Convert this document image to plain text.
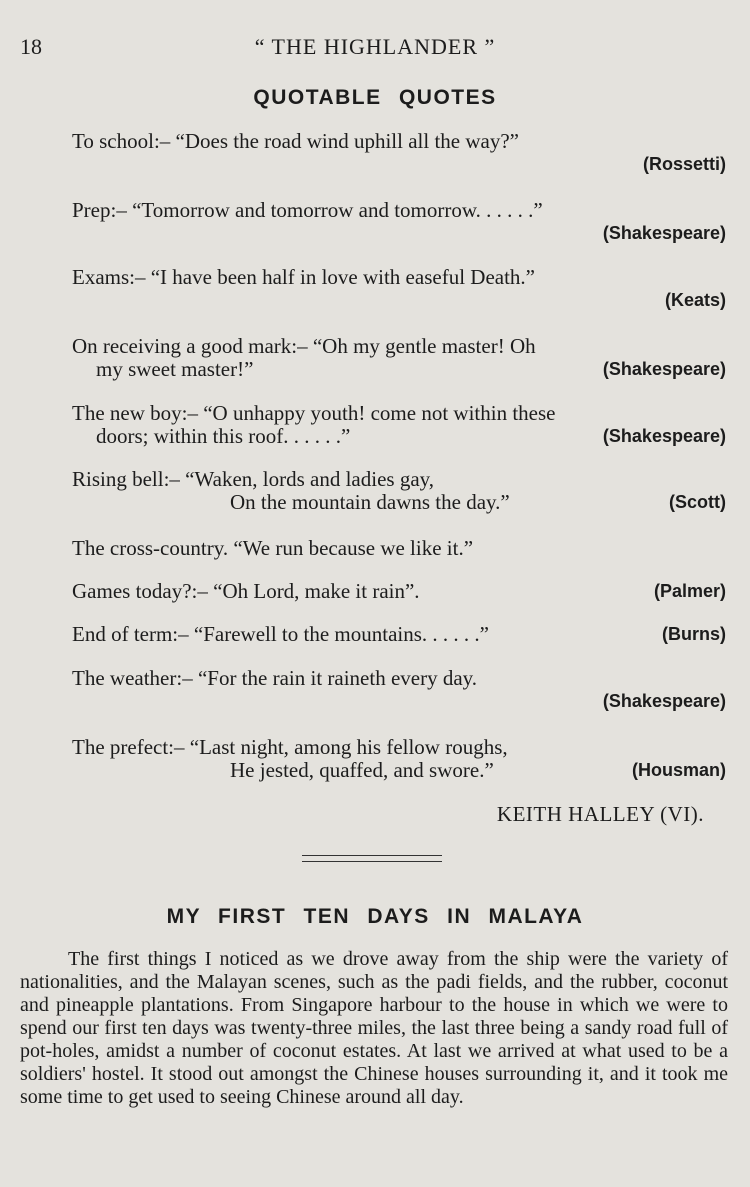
18	“ THE HIGHLANDER ”
QUOTABLE QUOTES
To school:– “Does the road wind uphill all the way?”
(Rossetti)
Prep:– “Tomorrow and tomorrow and tomorrow. . . . . .”
(Shakespeare)
Exams:– “I have been half in love with easeful Death.”
(Keats)
On receiving a good mark:– “Oh my gentle master! Oh
my sweet master!”	(Shakespeare)
The new boy:– “O unhappy youth! come not within these
doors; within this roof. . . . . .”	(Shakespeare)
Rising bell:– “Waken, lords and ladies gay,
On the mountain dawns the day.”	(Scott)
The cross-country. “We run because we like it.”
Games today?:– “Oh Lord, make it rain”.	(Palmer)
End of term:– “Farewell to the mountains. . . . . .”	(Burns)
The weather:– “For the rain it raineth every day.
(Shakespeare)
The prefect:– “Last night, among his fellow roughs,
He jested, quaffed, and swore.”	(Housman)
KEITH HALLEY (VI).
MY FIRST TEN DAYS IN MALAYA

The first things I noticed as we drove away from the ship were the variety of nationalities, and the Malayan scenes, such as the padi fields, and the rubber, coconut and pineapple plantations. From Singapore harbour to the house in which we were to spend our first ten days was twenty-three miles, the last three being a sandy road full of pot-holes, amidst a number of coconut estates. At last we arrived at what used to be a soldiers' hostel. It stood out amongst the Chinese houses surrounding it, and it took me some time to get used to seeing Chinese around all day.
